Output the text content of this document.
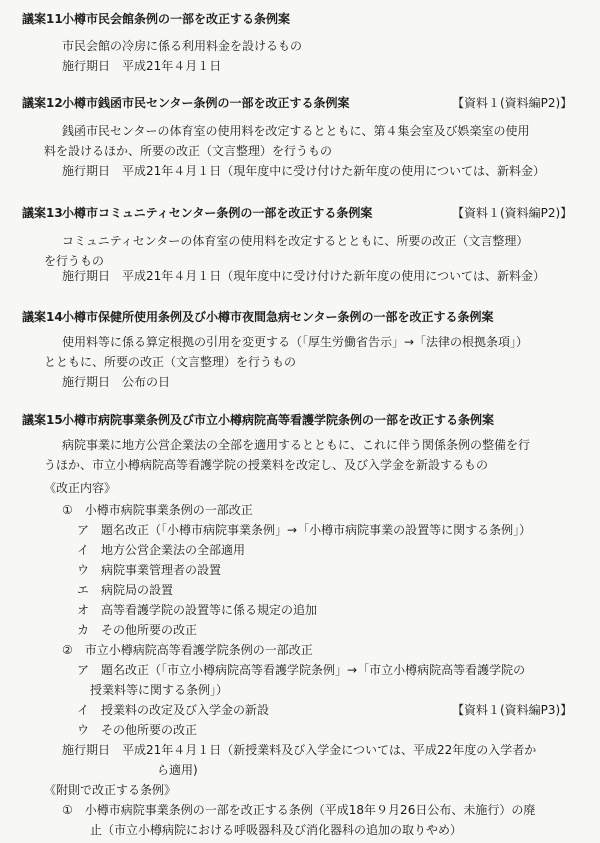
議案11小樽市民会館条例の一部を改正する条例案
市民会館の冷房に係る利用料金を設けるもの
施行期日　平成21年４月１日
議案12小樽市銭函市民センター条例の一部を改正する条例案	【資料１(資料編P2)】
銭函市民センターの体育室の使用料を改定するとともに、第４集会室及び娯楽室の使用
料を設けるほか、所要の改正（文言整理）を行うもの
施行期日　平成21年４月１日（現年度中に受け付けた新年度の使用については、新料金）
議案13小樽市コミュニティセンター条例の一部を改正する条例案	【資料１(資料編P2)】
コミュニティセンターの体育室の使用料を改定するとともに、所要の改正（文言整理）
を行うもの
施行期日　平成21年４月１日（現年度中に受け付けた新年度の使用については、新料金）
議案14小樽市保健所使用条例及び小樽市夜間急病センター条例の一部を改正する条例案
使用料等に係る算定根拠の引用を変更する（「厚生労働省告示」→「法律の根拠条項」）
とともに、所要の改正（文言整理）を行うもの
施行期日　公布の日
議案15小樽市病院事業条例及び市立小樽病院高等看護学院条例の一部を改正する条例案
病院事業に地方公営企業法の全部を適用するとともに、これに伴う関係条例の整備を行
うほか、市立小樽病院高等看護学院の授業料を改定し、及び入学金を新設するもの
《改正内容》
①　 小樽市病院事業条例の一部改正
ア　 題名改正（「小樽市病院事業条例」→「小樽市病院事業の設置等に関する条例」）
イ　 地方公営企業法の全部適用
ウ　 病院事業管理者の設置
エ　 病院局の設置
オ　 高等看護学院の設置等に係る規定の追加
カ　 その他所要の改正
②　 市立小樽病院高等看護学院条例の一部改正
ア　 題名改正（「市立小樽病院高等看護学院条例」→「市立小樽病院高等看護学院の
授業料等に関する条例」）
イ　 授業料の改定及び入学金の新設	【資料１(資料編P3)】
ウ　 その他所要の改正
施行期日　平成21年４月１日（新授業料及び入学金については、平成22年度の入学者か
ら適用)
《附則で改正する条例》
①　 小樽市病院事業条例の一部を改正する条例（平成18年９月26日公布、未施行）の廃
止（市立小樽病院における呼吸器科及び消化器科の追加の取りやめ）
